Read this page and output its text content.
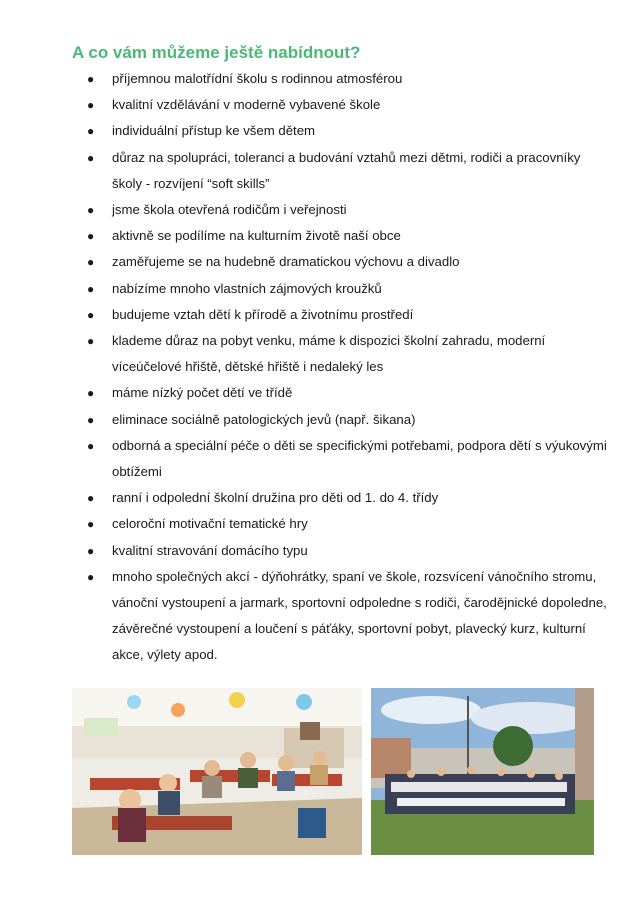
A co vám můžeme ještě nabídnout?
● příjemnou malotřídní školu s rodinnou atmosférou
● kvalitní vzdělávání v moderně vybavené škole
● individuální přístup ke všem dětem
● důraz na spolupráci, toleranci a budování vztahů mezi dětmi, rodiči a pracovníky školy - rozvíjení “soft skills”
● jsme škola otevřená rodičům i veřejnosti
● aktivně se podílíme na kulturním životě naší obce
● zaměřujeme se na hudebně dramatickou výchovu a divadlo
● nabízíme mnoho vlastních zájmových kroužků
● budujeme vztah dětí k přírodě a životnímu prostředí
● klademe důraz na pobyt venku, máme k dispozici školní zahradu, moderní víceúčelové hřiště, dětské hřiště i nedaleký les
● máme nízký počet dětí ve třídě
● eliminace sociálně patologických jevů (např. šikana)
● odborná a speciální péče o děti se specifickými potřebami, podpora dětí s výukovými obtížemi
● ranní i odpolední školní družina pro děti od 1. do 4. třídy
● celoroční motivační tematické hry
● kvalitní stravování domácího typu
● mnoho společných akcí - dýňohrátky, spaní ve škole, rozsvícení vánočního stromu, vánoční vystoupení a jarmark, sportovní odpoledne s rodiči, čarodějnické dopoledne, závěrečné vystoupení a loučení s páťáky, sportovní pobyt, plavecký kurz, kulturní akce, výlety apod.
